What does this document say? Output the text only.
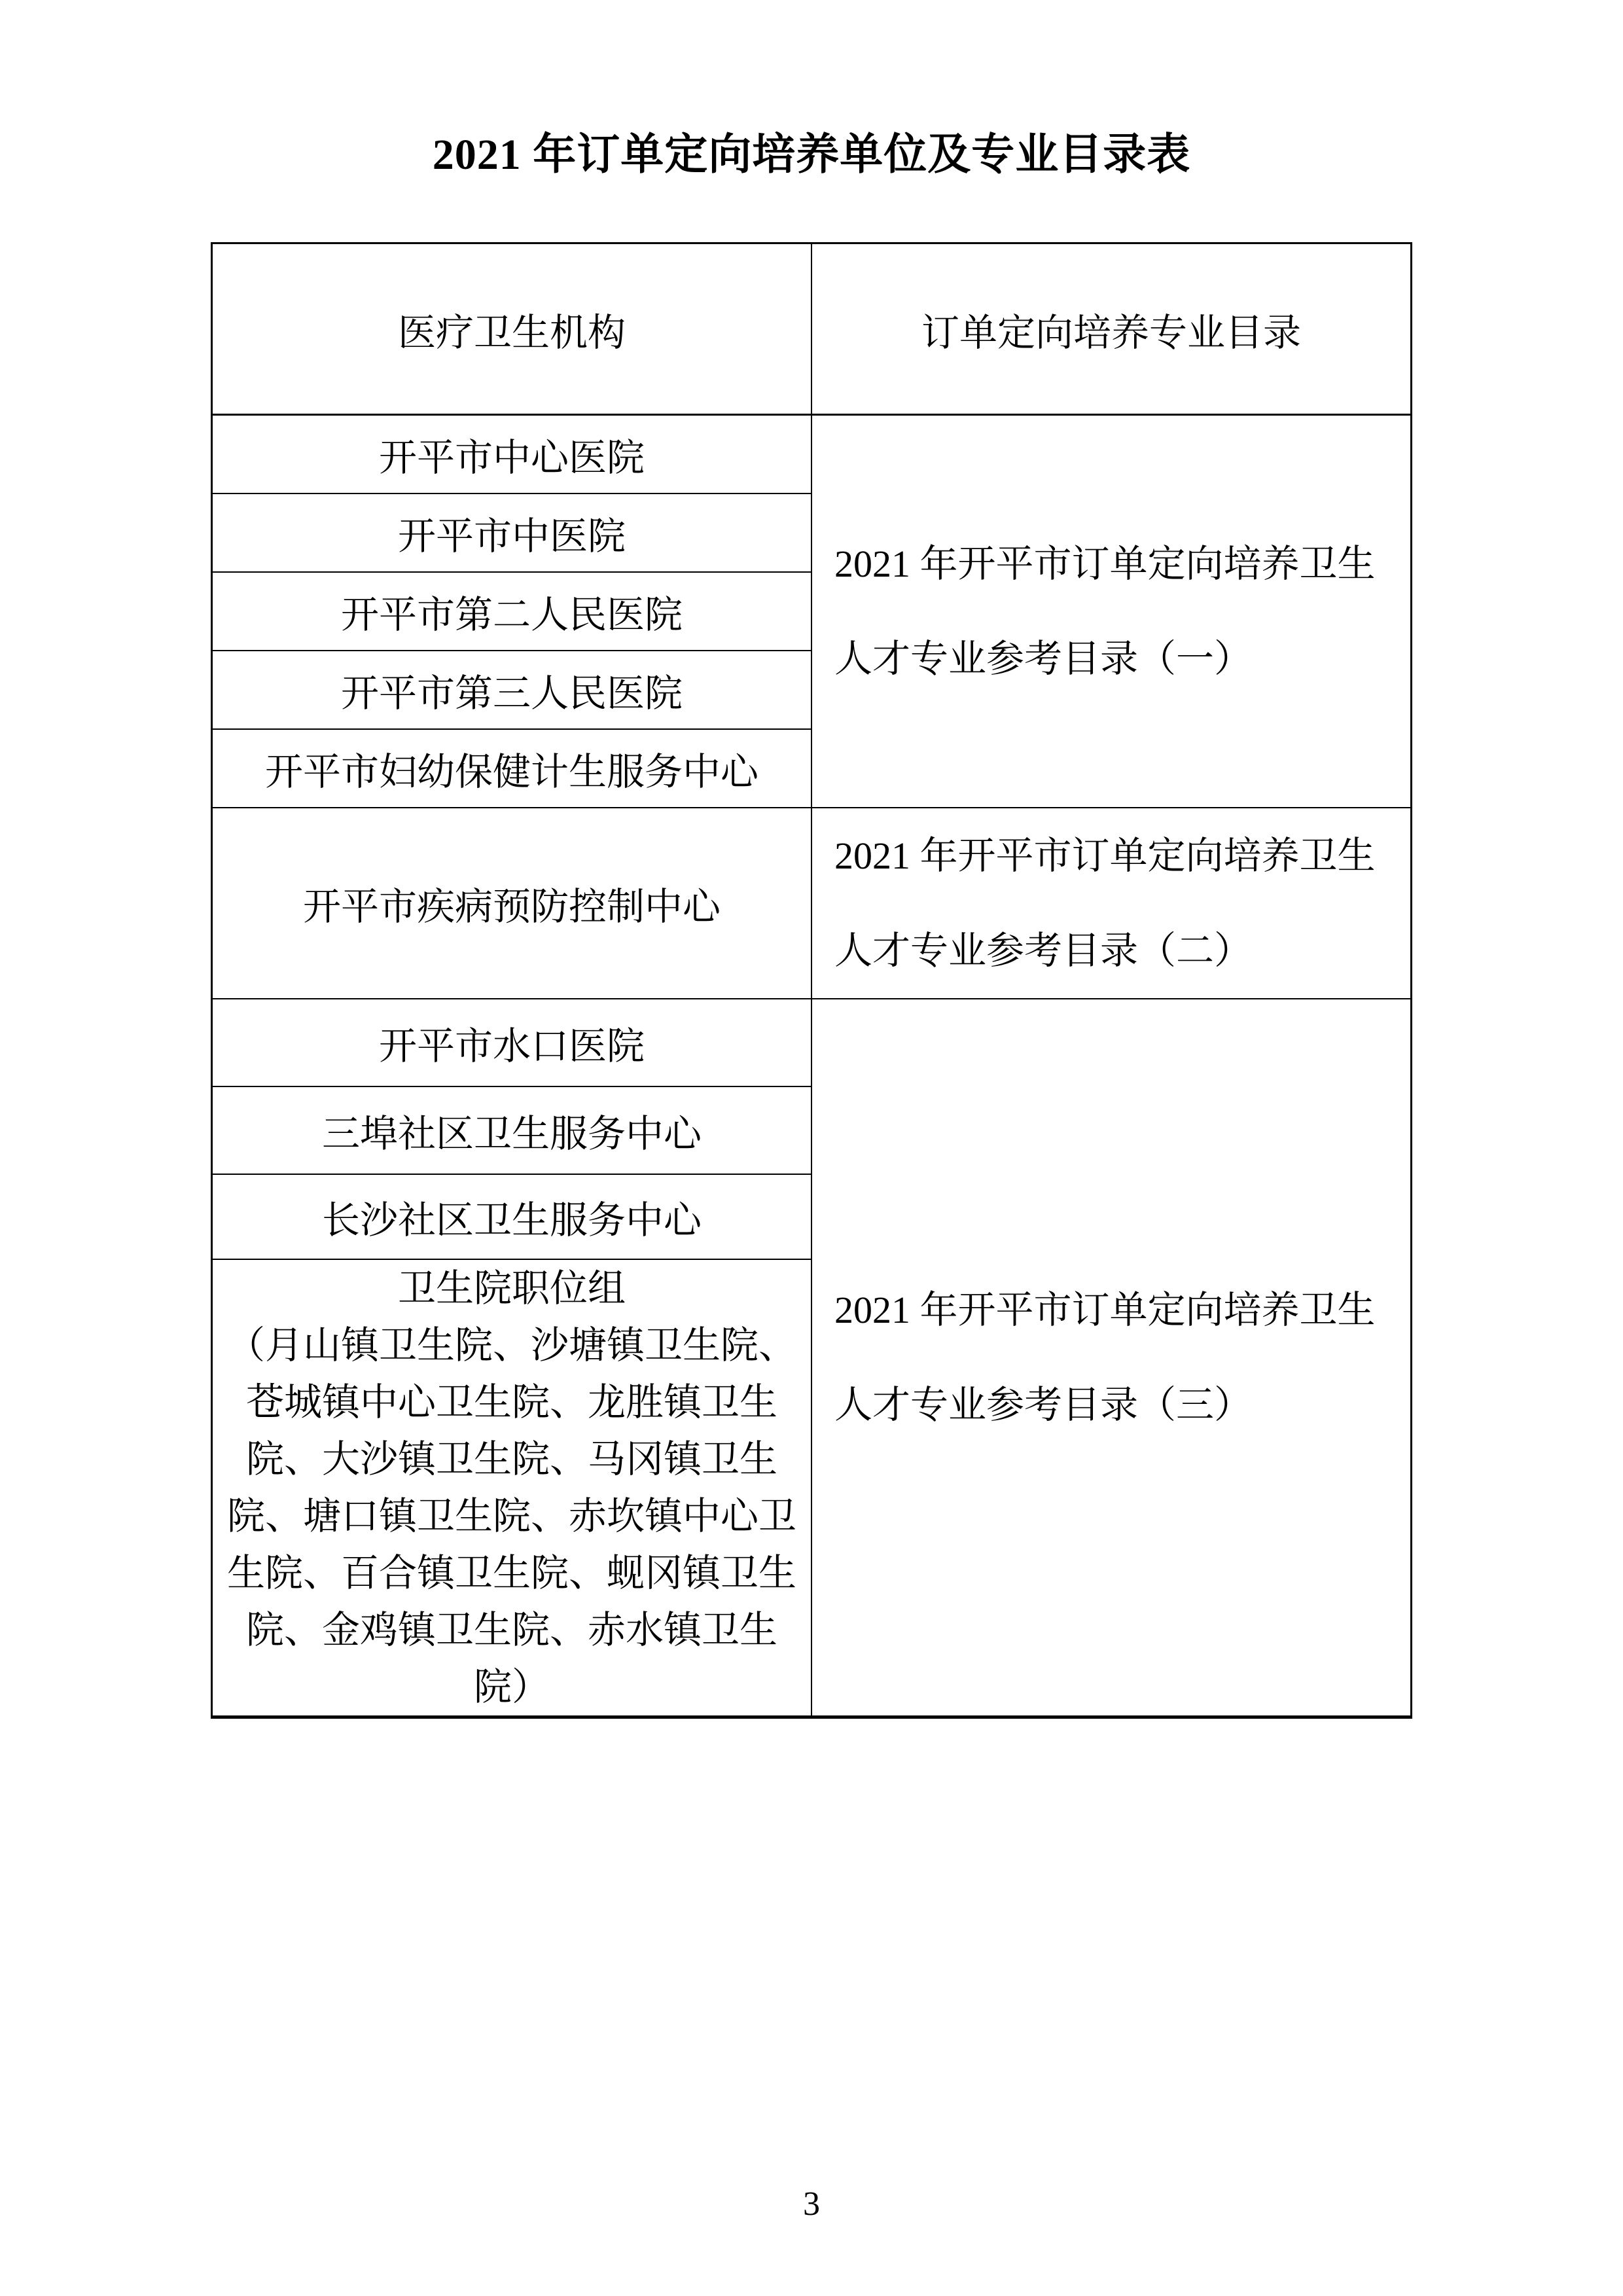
2021 年订单定向培养单位及专业目录表
医疗卫生机构	订单定向培养专业目录
开平市中心医院	2021 年开平市订单定向培养卫生人才专业参考目录（一）
开平市中医院	
开平市第二人民医院	
开平市第三人民医院	
开平市妇幼保健计生服务中心	
开平市疾病预防控制中心	2021 年开平市订单定向培养卫生人才专业参考目录（二）
开平市水口医院	2021 年开平市订单定向培养卫生人才专业参考目录（三）
三埠社区卫生服务中心	
长沙社区卫生服务中心	

卫生院职位组
（月山镇卫生院、沙塘镇卫生院、苍城镇中心卫生院、龙胜镇卫生院、大沙镇卫生院、马冈镇卫生院、塘口镇卫生院、赤坎镇中心卫生院、百合镇卫生院、蚬冈镇卫生院、金鸡镇卫生院、赤水镇卫生院）	
3
